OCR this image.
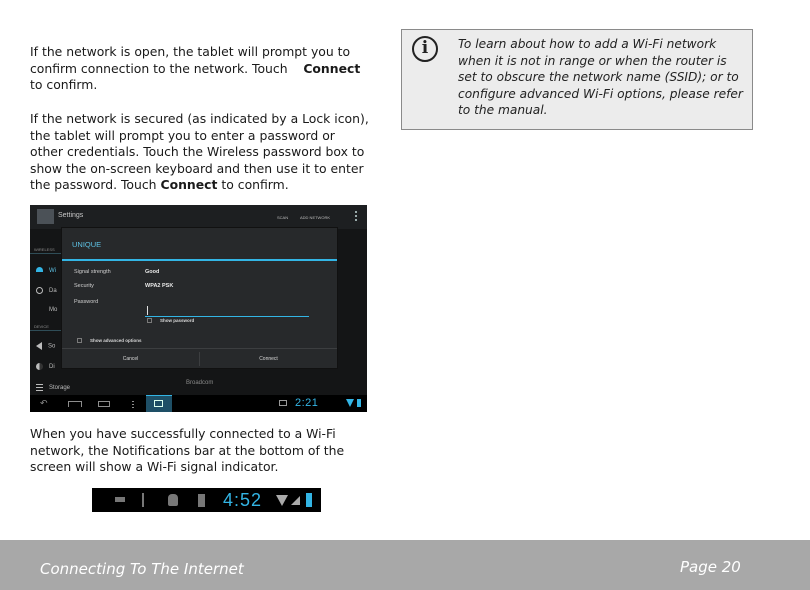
If the network is open, the tablet will prompt you to confirm connection to the network. Touch Connect  to confirm.

If the network is secured (as indicated by a Lock icon), the tablet will prompt you to enter a password or other credentials. Touch the Wireless password box to show the on-screen keyboard and then use it to enter the password. Touch Connect to confirm.

i	To learn about how to add a Wi-Fi network when it is not in range or when the router is set to obscure the network name (SSID); or to configure advanced Wi-Fi options, please refer to the manual.
Settings	SCAN	ADD NETWORK
WIRELESS
Wi
Da
Mo
DEVICE
So
Di
Storage
Broadcom
UNIQUE
Signal strength	Good
Security	WPA2 PSK
Password
Show password
Show advanced options
Cancel	Connect
↶	2:21

When you have successfully connected to a Wi-Fi network, the Notifications bar at the bottom of the screen will show a Wi-Fi signal indicator.

4:52
Connecting To The Internet	Page 20
